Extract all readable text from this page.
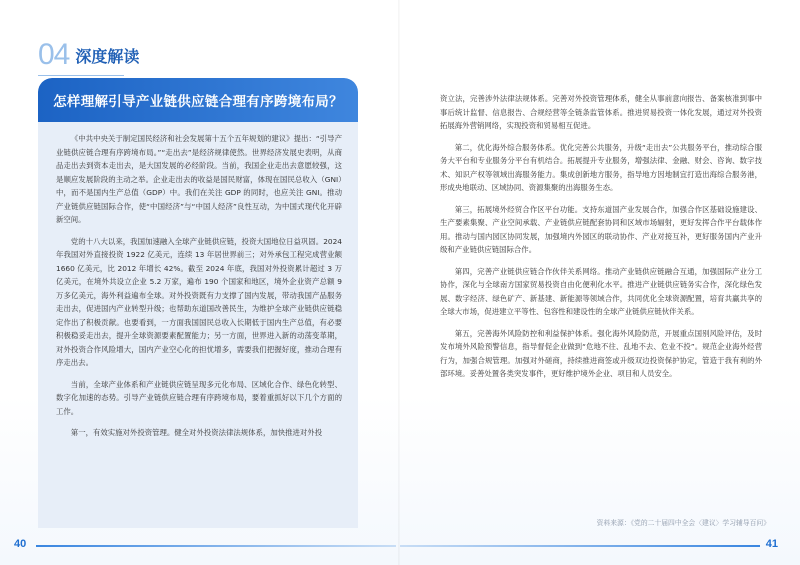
04 深度解读
怎样理解引导产业链供应链合理有序跨境布局？

《中共中央关于制定国民经济和社会发展第十五个五年规划的建议》提出：“引导产业链供应链合理有序跨境布局。”“走出去”是经济规律使然。世界经济发展史表明，从商品走出去到资本走出去，是大国发展的必经阶段。当前，我国企业走出去意愿较强，这是顺应发展阶段的主动之举。企业走出去的收益是国民财富，体现在国民总收入（GNI）中，而不是国内生产总值（GDP）中。我们在关注 GDP 的同时，也应关注 GNI。推动产业链供应链国际合作，使“中国经济”与“中国人经济”良性互动，为中国式现代化开辟新空间。

党的十八大以来，我国加速融入全球产业链供应链，投资大国地位日益巩固。2024 年我国对外直接投资 1922 亿美元，连续 13 年居世界前三；对外承包工程完成营业额 1660 亿美元，比 2012 年增长 42%。截至 2024 年底，我国对外投资累计超过 3 万亿美元，在境外共设立企业 5.2 万家，遍布 190 个国家和地区，境外企业资产总额 9 万多亿美元，海外利益遍布全球。对外投资既有力支撑了国内发展，带动我国产品服务走出去，促进国内产业转型升级；也帮助东道国改善民生，为维护全球产业链供应链稳定作出了积极贡献。也要看到，一方面我国国民总收入长期低于国内生产总值，有必要积极稳妥走出去，提升全球资源要素配置能力；另一方面，世界进入新的动荡变革期，对外投资合作风险增大，国内产业空心化的担忧增多，需要我们把握好度，推动合理有序走出去。

当前，全球产业体系和产业链供应链呈现多元化布局、区域化合作、绿色化转型、数字化加速的态势。引导产业链供应链合理有序跨境布局，要着重抓好以下几个方面的工作。

第一，有效实施对外投资管理。健全对外投资法律法规体系，加快推进对外投

40

资立法，完善涉外法律法规体系。完善对外投资管理体系，健全从事前意向报告、备案核准到事中事后统计监督、信息报告、合规经营等全链条监管体系。推进贸易投资一体化发展，通过对外投资拓展海外营销网络，实现投资和贸易相互促进。

第二，优化海外综合服务体系。优化完善公共服务，升级“走出去”公共服务平台，推动综合服务大平台和专业服务分平台有机结合。拓展提升专业服务，增强法律、金融、财会、咨询、数字技术、知识产权等领域出海服务能力。集成创新地方服务，指导地方因地制宜打造出海综合服务港，形成央地联动、区域协同、资源集聚的出海服务生态。

第三，拓展境外经贸合作区平台功能。支持东道国产业发展合作，加强合作区基础设施建设、生产要素集聚、产业空间承载、产业链供应链配套协同和区域市场辐射，更好发挥合作平台载体作用。推动与国内园区协同发展，加强境内外园区的联动协作、产业对接互补，更好服务国内产业升级和产业链供应链国际合作。

第四，完善产业链供应链合作伙伴关系网络。推动产业链供应链融合互通，加强国际产业分工协作，深化与全球南方国家贸易投资自由化便利化水平。推进产业链供应链务实合作，深化绿色发展、数字经济、绿色矿产、新基建、新能源等领域合作，共同优化全球资源配置，培育共赢共享的全球大市场，促进建立平等性、包容性和建设性的全球产业链供应链伙伴关系。

第五，完善海外风险防控和利益保护体系。强化海外风险防范，开展重点国别风险评估，及时发布境外风险预警信息，指导督促企业做到“危地不往、乱地不去、危业不投”。规范企业海外经营行为，加强合规管理。加强对外磋商，持续推进商签或升级双边投资保护协定，管造于我有利的外部环境。妥善处置各类突发事件，更好维护境外企业、项目和人员安全。

资料来源：《党的二十届四中全会〈建议〉学习辅导百问》
41
